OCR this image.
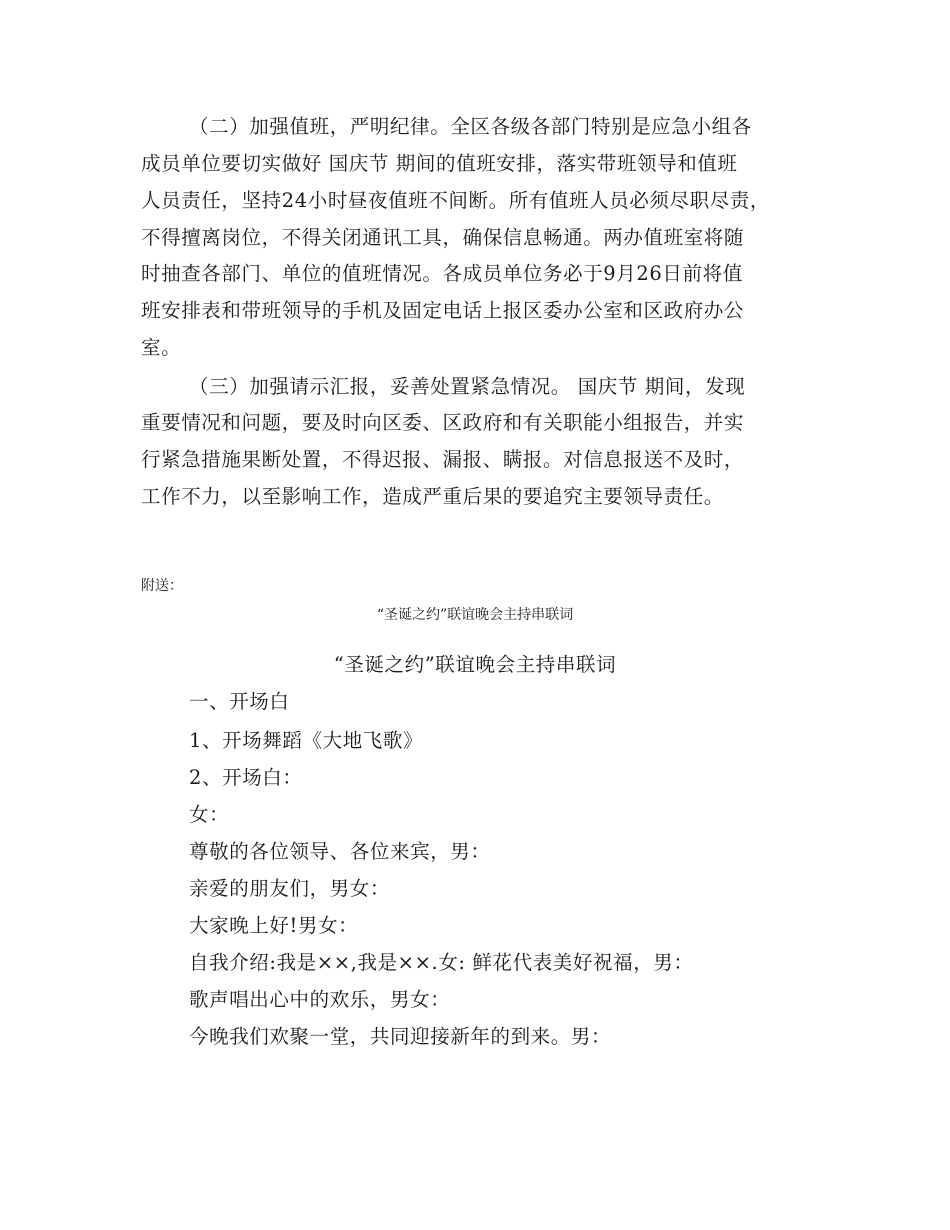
（二）加强值班，严明纪律。全区各级各部门特别是应急小组各
成员单位要切实做好 国庆节 期间的值班安排，落实带班领导和值班
人员责任，坚持24小时昼夜值班不间断。所有值班人员必须尽职尽责，
不得擅离岗位，不得关闭通讯工具，确保信息畅通。两办值班室将随
时抽查各部门、单位的值班情况。各成员单位务必于9月26日前将值
班安排表和带班领导的手机及固定电话上报区委办公室和区政府办公
室。
（三）加强请示汇报，妥善处置紧急情况。 国庆节 期间，发现
重要情况和问题，要及时向区委、区政府和有关职能小组报告，并实
行紧急措施果断处置，不得迟报、漏报、瞒报。对信息报送不及时，
工作不力，以至影响工作，造成严重后果的要追究主要领导责任。
附送：
“圣诞之约”联谊晚会主持串联词
“圣诞之约”联谊晚会主持串联词
一、开场白
1、开场舞蹈《大地飞歌》
2、开场白：
女：
尊敬的各位领导、各位来宾，男：
亲爱的朋友们，男女：
大家晚上好!男女：
自我介绍:我是××,我是××.女: 鲜花代表美好祝福，男：
歌声唱出心中的欢乐，男女：
今晚我们欢聚一堂，共同迎接新年的到来。男：
